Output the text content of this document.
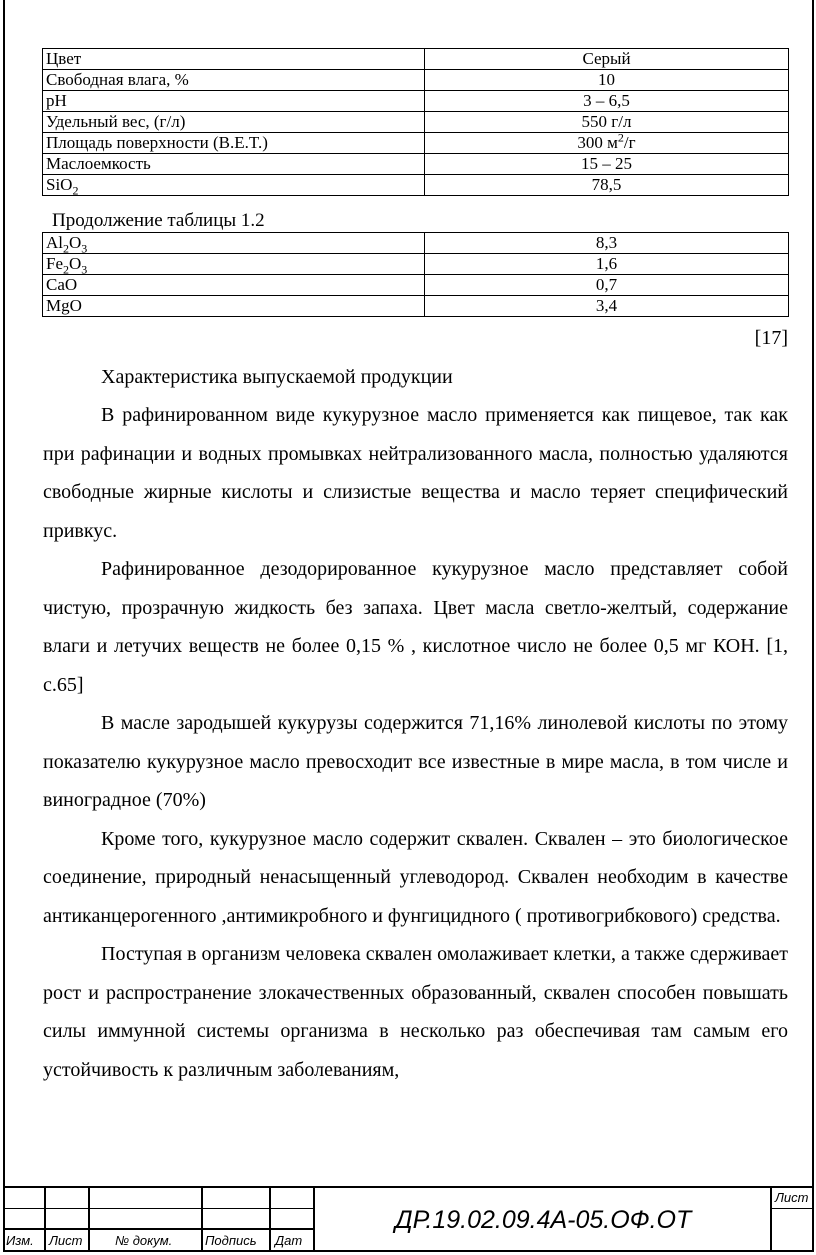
Цвет	Серый
Свободная влага, %	10
pH	3 – 6,5
Удельный вес, (г/л)	550 г/л
Площадь поверхности (B.E.T.)	300 $м^2/г$
Маслоемкость	15 – 25
SiO$_2$	78,5
Продолжение таблицы 1.2
$Al_2O_3$	8,3
$Fe_2O_3$	1,6
CaO	0,7
MgO	3,4
[17]
Характеристика выпускаемой продукции

В рафинированном виде кукурузное масло применяется как пищевое, так как при рафинации и водных промывках нейтрализованного масла, полностью удаляются свободные жирные кислоты и слизистые вещества и масло теряет специфический привкус.

Рафинированное дезодорированное кукурузное масло представляет собой чистую, прозрачную жидкость без запаха. Цвет масла светло-желтый, содержание влаги и летучих веществ не более 0,15 % , кислотное число не более 0,5 мг КОН. [1, с.65]

В масле зародышей кукурузы содержится 71,16% линолевой кислоты по этому показателю кукурузное масло превосходит все известные в мире масла, в том числе и виноградное (70%)

Кроме того, кукурузное масло содержит сквален. Сквален – это биологическое соединение, природный ненасыщенный углеводород. Сквален необходим в качестве антиканцерогенного ,антимикробного и фунгицидного ( противогрибкового) средства.

Поступая в организм человека сквален омолаживает клетки, а также сдерживает рост и распространение злокачественных образованный, сквален способен повышать силы иммунной системы организма в несколько раз обеспечивая там самым его устойчивость к различным заболеваниям,

Изм. Лист	№ докум.	Подпись Дат
ДР.19.02.09.4А-05.ОФ.ОТ
Лист
